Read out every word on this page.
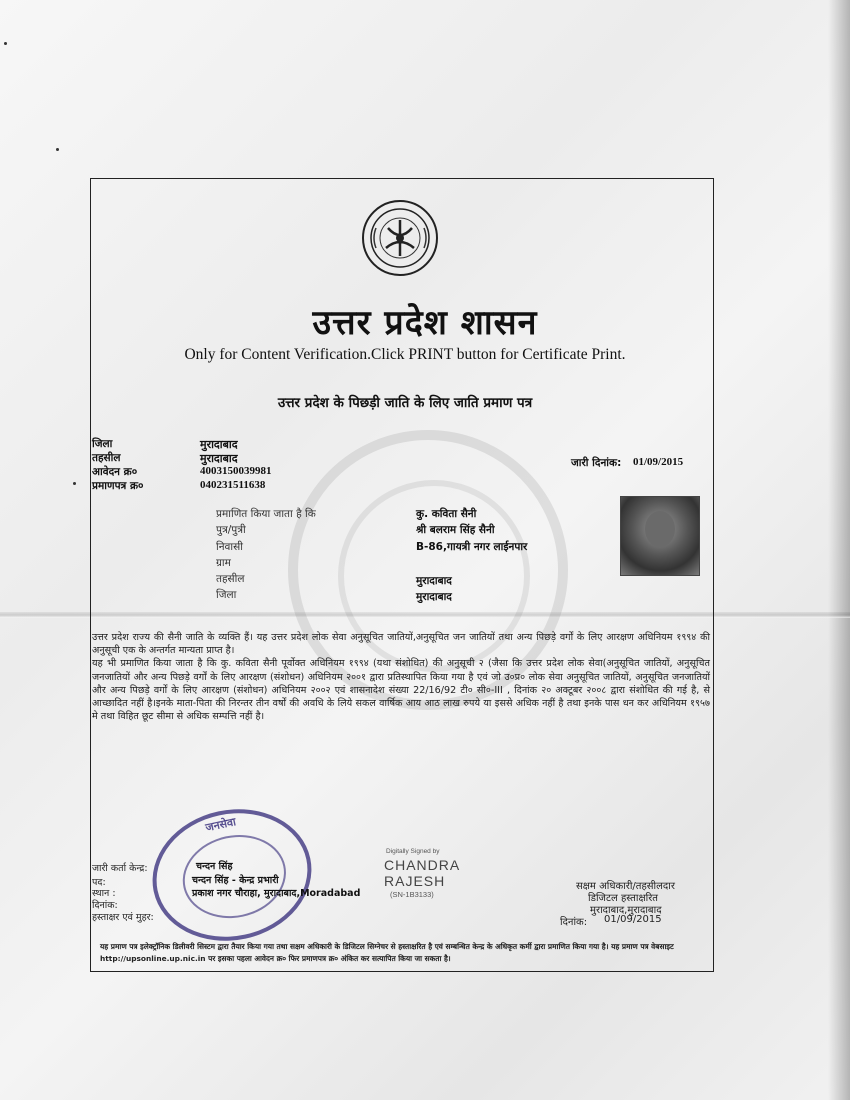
उत्तर प्रदेश शासन
Only for Content Verification.Click PRINT button for Certificate Print.
उत्तर प्रदेश के पिछड़ी जाति के लिए जाति प्रमाण पत्र
जिला	मुरादाबाद
तहसील	मुरादाबाद
आवेदन क्र०	4003150039981
प्रमाणपत्र क्र०	040231511638
जारी दिनांक: 01/09/2015
प्रमाणित किया जाता है कि	कु. कविता सैनी
पुत्र/पुत्री	श्री बलराम सिंह सैनी
निवासी	B-86,गायत्री नगर लाईनपार
ग्राम
तहसील	मुरादाबाद
जिला	मुरादाबाद

उत्तर प्रदेश राज्य की सैनी जाति के व्यक्ति हैं। यह उत्तर प्रदेश लोक सेवा अनुसूचित जातियों,अनुसूचित जन जातियों तथा अन्य पिछड़े वर्गों के लिए आरक्षण अधिनियम १९९४ की अनुसूची एक के अन्तर्गत मान्यता प्राप्त है।

यह भी प्रमाणित किया जाता है कि कु. कविता सैनी पूर्वोक्त अधिनियम १९९४ (यथा संशोधित) की अनुसूची २ (जैसा कि उत्तर प्रदेश लोक सेवा(अनुसूचित जातियों, अनुसूचित जनजातियों और अन्य पिछड़े वर्गों के लिए आरक्षण (संशोधन) अधिनियम २००१ द्वारा प्रतिस्थापित किया गया है एवं जो उ०प्र० लोक सेवा अनुसूचित जातियों, अनुसूचित जनजातियों और अन्य पिछड़े वर्गों के लिए आरक्षण (संशोधन) अधिनियम २००२ एवं शासनादेश संख्या 22/16/92 टी० सी०-III , दिनांक २० अक्टूबर २००८ द्वारा संशोधित की गई है, से आच्छादित नहीं है।इनके माता-पिता की निरन्तर तीन वर्षों की अवधि के लिये सकल वार्षिक आय आठ लाख रुपये या इससे अधिक नहीं है तथा इनके पास धन कर अधिनियम १९५७ मे तथा विहित छूट सीमा से अधिक सम्पत्ति नहीं है।

जनसेवा
जारी कर्ता केन्द्र:	चन्दन सिंह
पद:	चन्दन सिंह - केन्द्र प्रभारी
स्थान :	प्रकाश नगर चौराहा, मुरादाबाद,Moradabad
दिनांक:
हस्ताक्षर एवं मुहर:
Digitally Signed by
CHANDRA
RAJESH
(SN-1B3133)
सक्षम अधिकारी/तहसीलदार
डिजिटल हस्ताक्षरित
मुरादाबाद,मुरादाबाद
दिनांक: 01/09/2015
यह प्रमाण पत्र इलेक्ट्रॉनिक डिलीवरी सिस्टम द्वारा तैयार किया गया तथा सक्षम अधिकारी के डिजिटल सिग्नेचर से हस्ताक्षरित है एवं सम्बन्धित केन्द्र के अधिकृत कर्मी द्वारा प्रमाणित किया गया है। यह प्रमाण पत्र वेबसाइट http://upsonline.up.nic.in पर इसका पहला आवेदन क्र० फिर प्रमाणपत्र क्र० अंकित कर सत्यापित किया जा सकता है।
